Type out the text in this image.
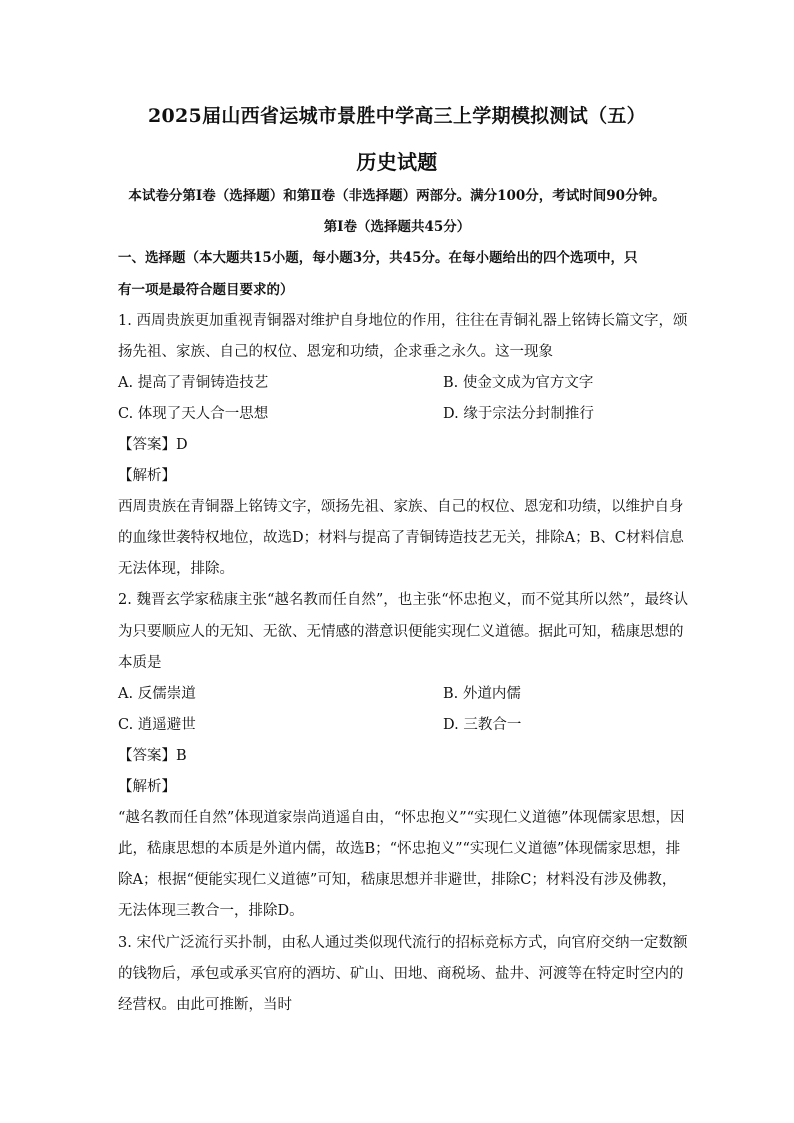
2025届山西省运城市景胜中学高三上学期模拟测试（五）
历史试题
本试卷分第Ⅰ卷（选择题）和第Ⅱ卷（非选择题）两部分。满分100分，考试时间90分钟。
第Ⅰ卷（选择题共45分）
一、选择题（本大题共15小题，每小题3分，共45分。在每小题给出的四个选项中，只
有一项是最符合题目要求的）
1. 西周贵族更加重视青铜器对维护自身地位的作用，往往在青铜礼器上铭铸长篇文字，颂
扬先祖、家族、自己的权位、恩宠和功绩，企求垂之永久。这一现象
A. 提高了青铜铸造技艺	B. 使金文成为官方文字
C. 体现了天人合一思想	D. 缘于宗法分封制推行
【答案】D
【解析】
西周贵族在青铜器上铭铸文字，颂扬先祖、家族、自己的权位、恩宠和功绩，以维护自身
的血缘世袭特权地位，故选D；材料与提高了青铜铸造技艺无关，排除A；B、C材料信息
无法体现，排除。
2. 魏晋玄学家嵇康主张“越名教而任自然”，也主张“怀忠抱义，而不觉其所以然”，最终认
为只要顺应人的无知、无欲、无情感的潜意识便能实现仁义道德。据此可知，嵇康思想的
本质是
A. 反儒崇道	B. 外道内儒
C. 逍遥避世	D. 三教合一
【答案】B
【解析】
“越名教而任自然”体现道家崇尚逍遥自由，“怀忠抱义”“实现仁义道德”体现儒家思想，因
此，嵇康思想的本质是外道内儒，故选B；“怀忠抱义”“实现仁义道德”体现儒家思想，排
除A；根据“便能实现仁义道德”可知，嵇康思想并非避世，排除C；材料没有涉及佛教，
无法体现三教合一，排除D。
3. 宋代广泛流行买扑制，由私人通过类似现代流行的招标竞标方式，向官府交纳一定数额
的钱物后，承包或承买官府的酒坊、矿山、田地、商税场、盐井、河渡等在特定时空内的
经营权。由此可推断，当时
